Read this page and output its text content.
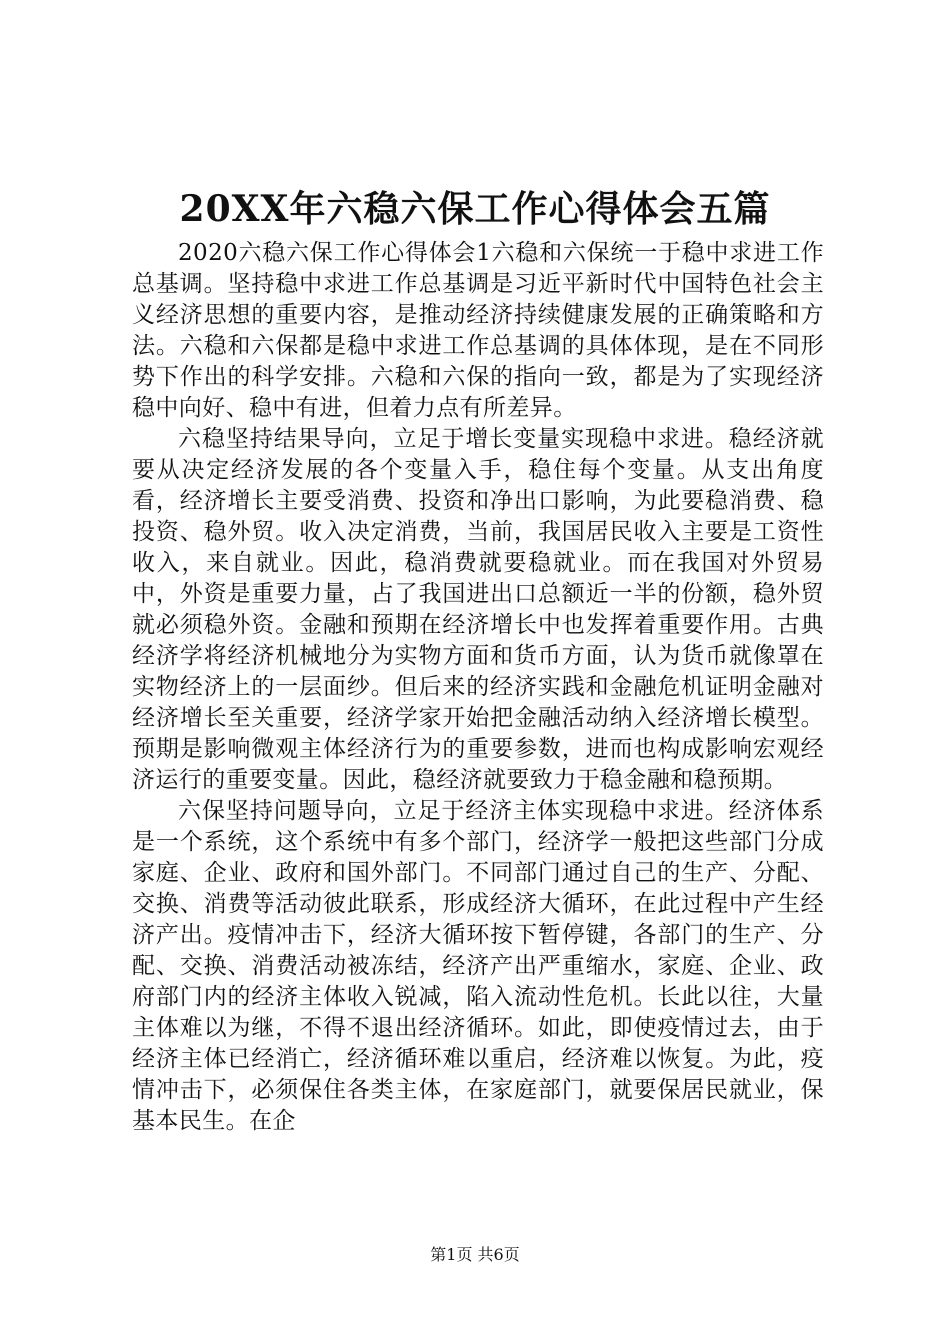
20XX年六稳六保工作心得体会五篇

2020六稳六保工作心得体会1六稳和六保统一于稳中求进工作总基调。坚持稳中求进工作总基调是习近平新时代中国特色社会主义经济思想的重要内容，是推动经济持续健康发展的正确策略和方法。六稳和六保都是稳中求进工作总基调的具体体现，是在不同形势下作出的科学安排。六稳和六保的指向一致，都是为了实现经济稳中向好、稳中有进，但着力点有所差异。

六稳坚持结果导向，立足于增长变量实现稳中求进。稳经济就要从决定经济发展的各个变量入手，稳住每个变量。从支出角度看，经济增长主要受消费、投资和净出口影响，为此要稳消费、稳投资、稳外贸。收入决定消费，当前，我国居民收入主要是工资性收入，来自就业。因此，稳消费就要稳就业。而在我国对外贸易中，外资是重要力量，占了我国进出口总额近一半的份额，稳外贸就必须稳外资。金融和预期在经济增长中也发挥着重要作用。古典经济学将经济机械地分为实物方面和货币方面，认为货币就像罩在实物经济上的一层面纱。但后来的经济实践和金融危机证明金融对经济增长至关重要，经济学家开始把金融活动纳入经济增长模型。预期是影响微观主体经济行为的重要参数，进而也构成影响宏观经济运行的重要变量。因此，稳经济就要致力于稳金融和稳预期。

六保坚持问题导向，立足于经济主体实现稳中求进。经济体系是一个系统，这个系统中有多个部门，经济学一般把这些部门分成家庭、企业、政府和国外部门。不同部门通过自己的生产、分配、交换、消费等活动彼此联系，形成经济大循环，在此过程中产生经济产出。疫情冲击下，经济大循环按下暂停键，各部门的生产、分配、交换、消费活动被冻结，经济产出严重缩水，家庭、企业、政府部门内的经济主体收入锐减，陷入流动性危机。长此以往，大量主体难以为继，不得不退出经济循环。如此，即使疫情过去，由于经济主体已经消亡，经济循环难以重启，经济难以恢复。为此，疫情冲击下，必须保住各类主体，在家庭部门，就要保居民就业，保基本民生。在企

第1页 共6页
